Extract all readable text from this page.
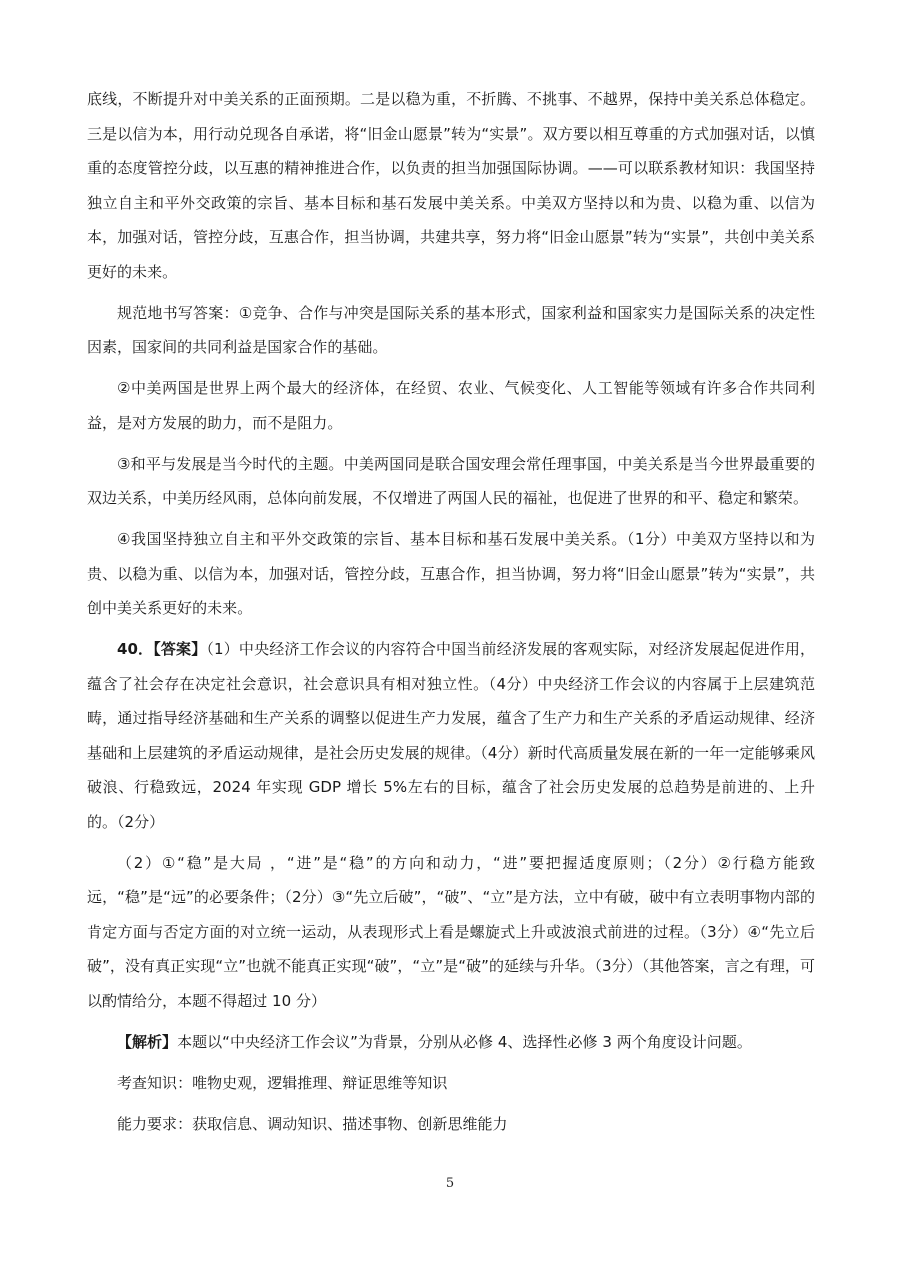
底线，不断提升对中美关系的正面预期。二是以稳为重，不折腾、不挑事、不越界，保持中美关系总体稳定。三是以信为本，用行动兑现各自承诺，将“旧金山愿景”转为“实景”。双方要以相互尊重的方式加强对话，以慎重的态度管控分歧，以互惠的精神推进合作，以负责的担当加强国际协调。——可以联系教材知识：我国坚持独立自主和平外交政策的宗旨、基本目标和基石发展中美关系。中美双方坚持以和为贵、以稳为重、以信为本，加强对话，管控分歧，互惠合作，担当协调，共建共享，努力将“旧金山愿景”转为“实景”，共创中美关系更好的未来。

规范地书写答案：①竞争、合作与冲突是国际关系的基本形式，国家利益和国家实力是国际关系的决定性因素，国家间的共同利益是国家合作的基础。

②中美两国是世界上两个最大的经济体，在经贸、农业、气候变化、人工智能等领域有许多合作共同利益，是对方发展的助力，而不是阻力。

③和平与发展是当今时代的主题。中美两国同是联合国安理会常任理事国，中美关系是当今世界最重要的双边关系，中美历经风雨，总体向前发展，不仅增进了两国人民的福祉，也促进了世界的和平、稳定和繁荣。

④我国坚持独立自主和平外交政策的宗旨、基本目标和基石发展中美关系。（1分）中美双方坚持以和为贵、以稳为重、以信为本，加强对话，管控分歧，互惠合作，担当协调，努力将“旧金山愿景”转为“实景”，共创中美关系更好的未来。

40．【答案】（1）中央经济工作会议的内容符合中国当前经济发展的客观实际，对经济发展起促进作用，蕴含了社会存在决定社会意识，社会意识具有相对独立性。（4分）中央经济工作会议的内容属于上层建筑范畴，通过指导经济基础和生产关系的调整以促进生产力发展，蕴含了生产力和生产关系的矛盾运动规律、经济基础和上层建筑的矛盾运动规律，是社会历史发展的规律。（4分）新时代高质量发展在新的一年一定能够乘风破浪、行稳致远，2024 年实现 GDP 增长 5%左右的目标，蕴含了社会历史发展的总趋势是前进的、上升的。（2分）

（2）①“稳”是大局 ，“进”是“稳”的方向和动力，“进”要把握适度原则；（2分）②行稳方能致远，“稳”是“远”的必要条件；（2分）③“先立后破”，“破”、“立”是方法，立中有破，破中有立表明事物内部的肯定方面与否定方面的对立统一运动，从表现形式上看是螺旋式上升或波浪式前进的过程。（3分）④“先立后破”，没有真正实现“立”也就不能真正实现“破”，“立”是“破”的延续与升华。（3分）（其他答案，言之有理，可以酌情给分，本题不得超过 10 分）

【解析】本题以“中央经济工作会议”为背景，分别从必修 4、选择性必修 3 两个角度设计问题。

考查知识：唯物史观，逻辑推理、辩证思维等知识

能力要求：获取信息、调动知识、描述事物、创新思维能力

5
